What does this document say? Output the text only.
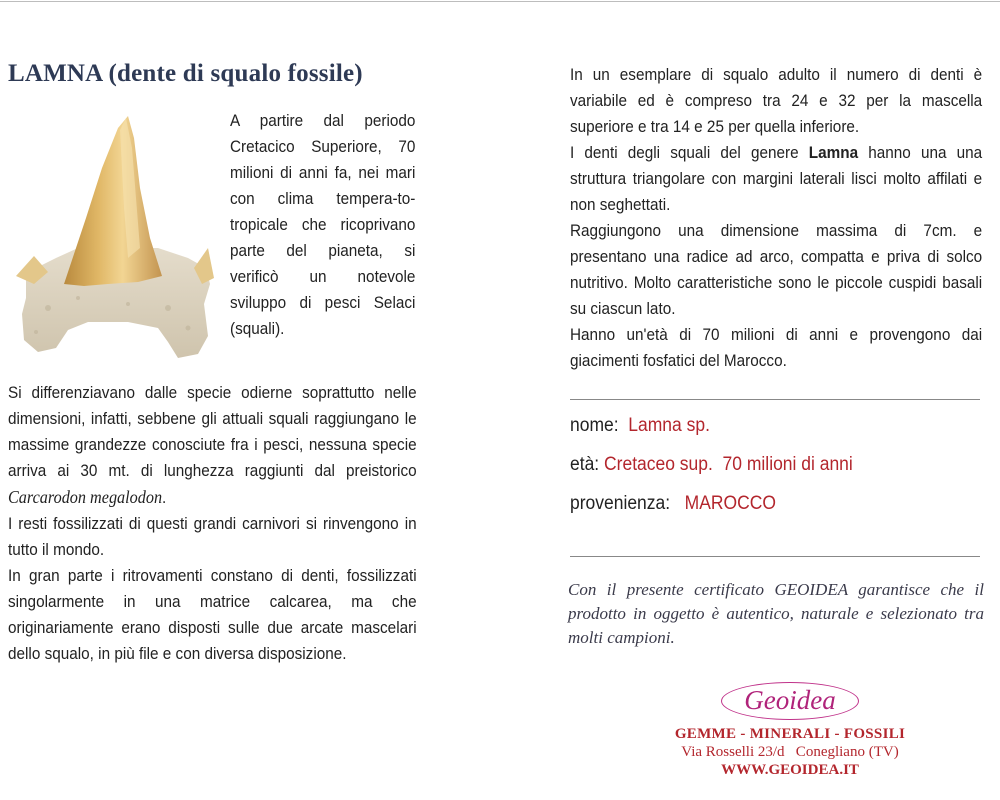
LAMNA (dente di squalo fossile)
A partire dal periodo Cretacico Superiore, 70 milioni di anni fa, nei mari con clima tempera-to-tropicale che ricoprivano parte del pianeta, si verificò un notevole sviluppo di pesci Selaci (squali).

Si differenziavano dalle specie odierne soprattutto nelle dimensioni, infatti, sebbene gli attuali squali raggiungano le massime grandezze conosciute fra i pesci, nessuna specie arriva ai 30 mt. di lunghezza raggiunti dal preistorico Carcarodon megalodon.

I resti fossilizzati di questi grandi carnivori si rinvengono in tutto il mondo.

In gran parte i ritrovamenti constano di denti, fossilizzati singolarmente in una matrice calcarea, ma che originariamente erano disposti sulle due arcate mascelari dello squalo, in più file e con diversa disposizione.

In un esemplare di squalo adulto il numero di denti è variabile ed è compreso tra 24 e 32 per la mascella superiore e tra 14 e 25 per quella inferiore.

I denti degli squali del genere Lamna hanno una una struttura triangolare con margini laterali lisci molto affilati e non seghettati.

Raggiungono una dimensione massima di 7cm. e presentano una radice ad arco, compatta e priva di solco nutritivo. Molto caratteristiche sono le piccole cuspidi basali su ciascun lato.

Hanno un'età di 70 milioni di anni e provengono dai giacimenti fosfatici del Marocco.

nome: Lamna sp.
età: Cretaceo sup.  70 milioni di anni
provenienza: MAROCCO

Con il presente certificato GEOIDEA garantisce che il prodotto in oggetto è autentico, naturale e selezionato tra molti campioni.

Geoidea
GEMME - MINERALI - FOSSILI
Via Rosselli 23/d   Conegliano (TV)
WWW.GEOIDEA.IT
